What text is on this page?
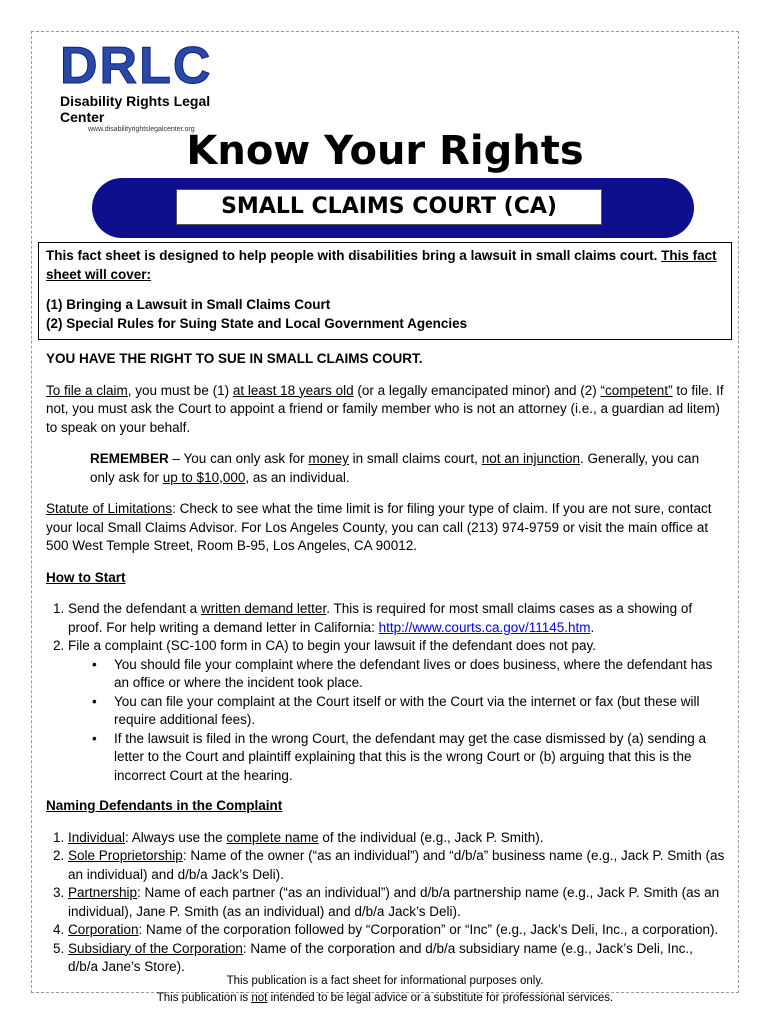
DRLC
Disability Rights Legal Center
www.disabilityrightslegalcenter.org
Know Your Rights
SMALL CLAIMS COURT (CA)

This fact sheet is designed to help people with disabilities bring a lawsuit in small claims court. This fact sheet will cover:

(1) Bringing a Lawsuit in Small Claims Court

(2) Special Rules for Suing State and Local Government Agencies

YOU HAVE THE RIGHT TO SUE IN SMALL CLAIMS COURT.

To file a claim, you must be (1) at least 18 years old (or a legally emancipated minor) and (2) “competent” to file. If not, you must ask the Court to appoint a friend or family member who is not an attorney (i.e., a guardian ad litem) to speak on your behalf.

REMEMBER – You can only ask for money in small claims court, not an injunction. Generally, you can only ask for up to $10,000, as an individual.

Statute of Limitations: Check to see what the time limit is for filing your type of claim. If you are not sure, contact your local Small Claims Advisor. For Los Angeles County, you can call (213) 974-9759 or visit the main office at 500 West Temple Street, Room B-95, Los Angeles, CA 90012.

How to Start

1. Send the defendant a written demand letter. This is required for most small claims cases as a showing of proof. For help writing a demand letter in California: http://www.courts.ca.gov/11145.htm.
2. File a complaint (SC-100 form in CA) to begin your lawsuit if the defendant does not pay.
• You should file your complaint where the defendant lives or does business, where the defendant has an office or where the incident took place.
• You can file your complaint at the Court itself or with the Court via the internet or fax (but these will require additional fees).
• If the lawsuit is filed in the wrong Court, the defendant may get the case dismissed by (a) sending a letter to the Court and plaintiff explaining that this is the wrong Court or (b) arguing that this is the incorrect Court at the hearing.

Naming Defendants in the Complaint

1. Individual: Always use the complete name of the individual (e.g., Jack P. Smith).
2. Sole Proprietorship: Name of the owner (“as an individual”) and “d/b/a” business name (e.g., Jack P. Smith (as an individual) and d/b/a Jack’s Deli).
3. Partnership: Name of each partner (“as an individual”) and d/b/a partnership name (e.g., Jack P. Smith (as an individual), Jane P. Smith (as an individual) and d/b/a Jack’s Deli).
4. Corporation: Name of the corporation followed by “Corporation” or “Inc” (e.g., Jack’s Deli, Inc., a corporation).
5. Subsidiary of the Corporation: Name of the corporation and d/b/a subsidiary name (e.g., Jack’s Deli, Inc., d/b/a Jane’s Store).
This publication is a fact sheet for informational purposes only.
This publication is not intended to be legal advice or a substitute for professional services.
